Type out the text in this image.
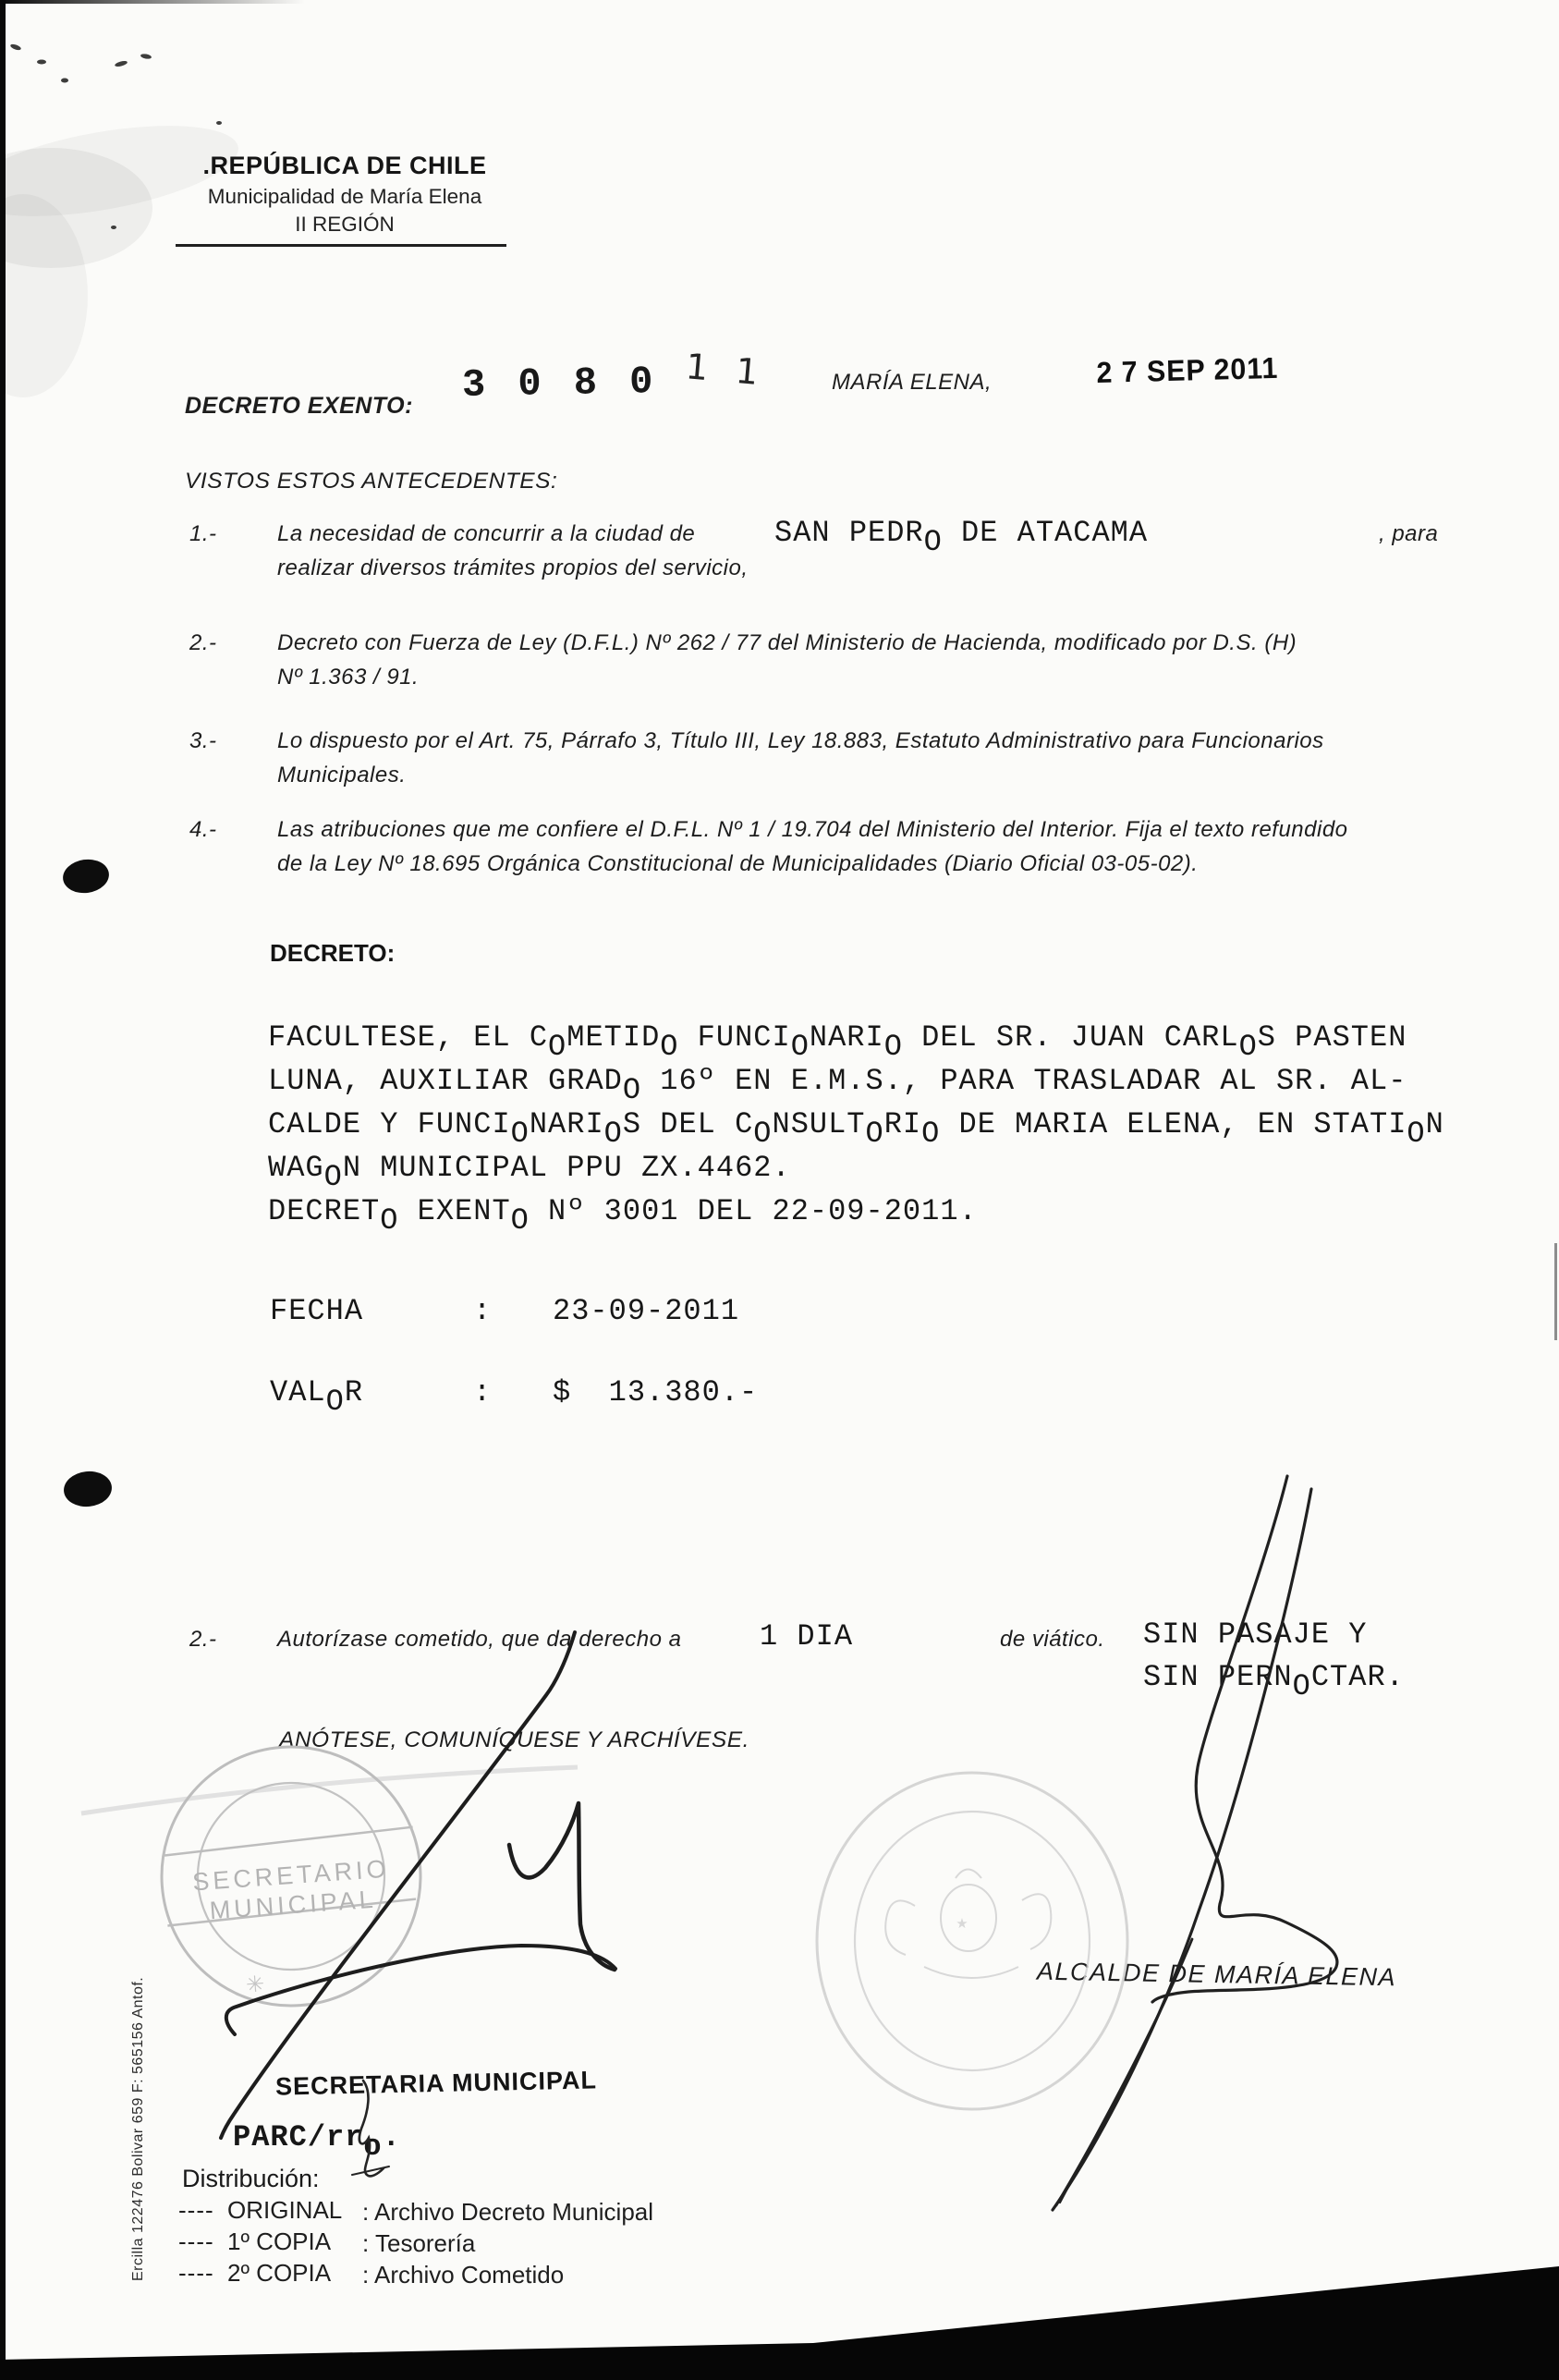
.REPÚBLICA DE CHILE
Municipalidad de María Elena
II REGIÓN
DECRETO EXENTO: 3 0 8 0 1 1	MARÍA ELENA,	2 7 SEP 2011
VISTOS ESTOS ANTECEDENTES:
1.-	La necesidad de concurrir a la ciudad de	SAN PEDRO DE ATACAMA	, para
realizar diversos trámites propios del servicio,
2.-	Decreto con Fuerza de Ley (D.F.L.) Nº 262 / 77 del Ministerio de Hacienda, modificado por D.S. (H)
Nº 1.363 / 91.
3.-	Lo dispuesto por el Art. 75, Párrafo 3, Título III, Ley 18.883, Estatuto Administrativo para Funcionarios
Municipales.
4.-	Las atribuciones que me confiere el D.F.L. Nº 1 / 19.704 del Ministerio del Interior. Fija el texto refundido
de la Ley Nº 18.695 Orgánica Constitucional de Municipalidades (Diario Oficial 03-05-02).
DECRETO:
FACULTESE, EL COMETIDO FUNCIONARIO DEL SR. JUAN CARLOS PASTEN
LUNA, AUXILIAR GRADO 16º EN E.M.S., PARA TRASLADAR AL SR. AL-
CALDE Y FUNCIONARIOS DEL CONSULTORIO DE MARIA ELENA, EN STATION
WAGON MUNICIPAL PPU ZX.4462.
DECRETO EXENTO Nº 3001 DEL 22-09-2011.
FECHA	: 23-09-2011
VALOR	: $  13.380.-
2.-	Autorízase cometido, que da derecho a	1 DIA	de viático. SIN PASAJE Y
SIN PERNOCTAR.
ANÓTESE, COMUNÍQUESE Y ARCHÍVESE.
SECRETARIA MUNICIPAL
ALCALDE DE MARÍA ELENA
PARC/rro.
Distribución:
---- ORIGINAL : Archivo Decreto Municipal
---- 1º COPIA : Tesorería
---- 2º COPIA : Archivo Cometido
Ercilla 122476 Bolivar 659 F: 565156 Antof.
SECRETARIO
MUNICIPAL
✳
★
